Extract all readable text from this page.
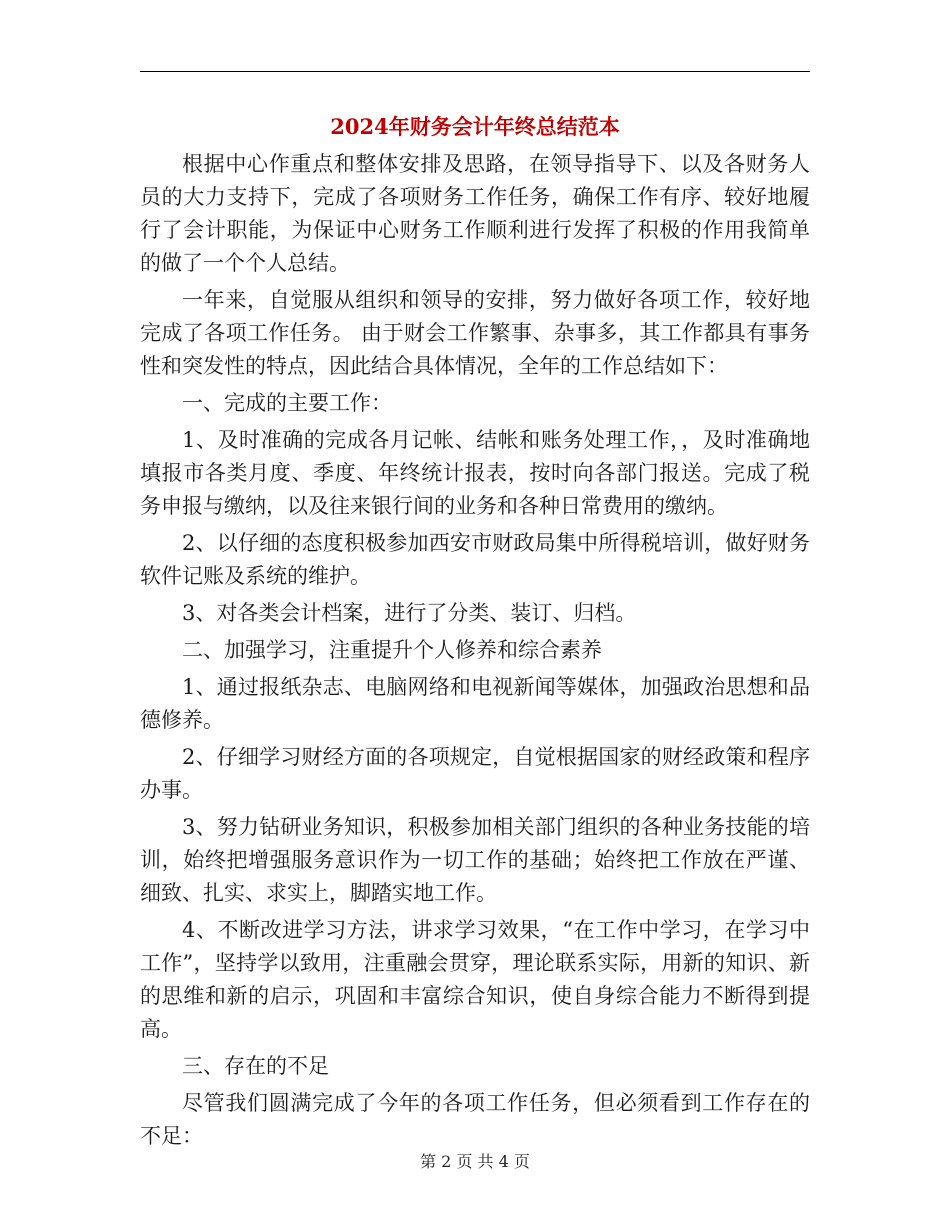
2024年财务会计年终总结范本

根据中心作重点和整体安排及思路，在领导指导下、以及各财务人员的大力支持下，完成了各项财务工作任务，确保工作有序、较好地履行了会计职能，为保证中心财务工作顺利进行发挥了积极的作用我简单的做了一个个人总结。

一年来，自觉服从组织和领导的安排，努力做好各项工作，较好地完成了各项工作任务。 由于财会工作繁事、杂事多，其工作都具有事务性和突发性的特点，因此结合具体情况，全年的工作总结如下：

一、完成的主要工作：

1、及时准确的完成各月记帐、结帐和账务处理工作，，及时准确地填报市各类月度、季度、年终统计报表，按时向各部门报送。完成了税务申报与缴纳，以及往来银行间的业务和各种日常费用的缴纳。

2、以仔细的态度积极参加西安市财政局集中所得税培训，做好财务软件记账及系统的维护。

3、对各类会计档案，进行了分类、装订、归档。

二、加强学习，注重提升个人修养和综合素养

1、通过报纸杂志、电脑网络和电视新闻等媒体，加强政治思想和品德修养。

2、仔细学习财经方面的各项规定，自觉根据国家的财经政策和程序办事。

3、努力钻研业务知识，积极参加相关部门组织的各种业务技能的培训，始终把增强服务意识作为一切工作的基础；始终把工作放在严谨、细致、扎实、求实上，脚踏实地工作。

4、不断改进学习方法，讲求学习效果，“在工作中学习，在学习中工作”，坚持学以致用，注重融会贯穿，理论联系实际，用新的知识、新的思维和新的启示，巩固和丰富综合知识，使自身综合能力不断得到提高。

三、存在的不足

尽管我们圆满完成了今年的各项工作任务，但必须看到工作存在的不足：

第 2 页 共 4 页
